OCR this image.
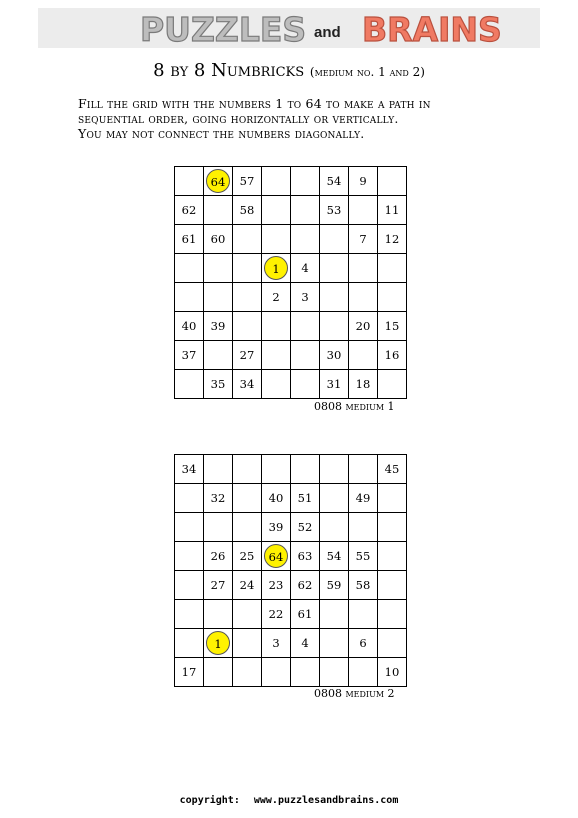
PUZZLES and BRAINS
8 by 8 Numbricks (medium no. 1 and 2)
Fill the grid with the numbers 1 to 64 to make a path in
sequential order, going horizontally or vertically.
You may not connect the numbers diagonally.
	64	57			54	9	
62		58			53		11
61	60					7	12
			1	4			
			2	3			
40	39					20	15
37		27			30		16
	35	34			31	18	
0808 medium 1
34							45
	32		40	51		49	
			39	52			
	26	25	64	63	54	55	
	27	24	23	62	59	58	
			22	61			
	1		3	4		6	
17							10
0808 medium 2
copyright: www.puzzlesandbrains.com
